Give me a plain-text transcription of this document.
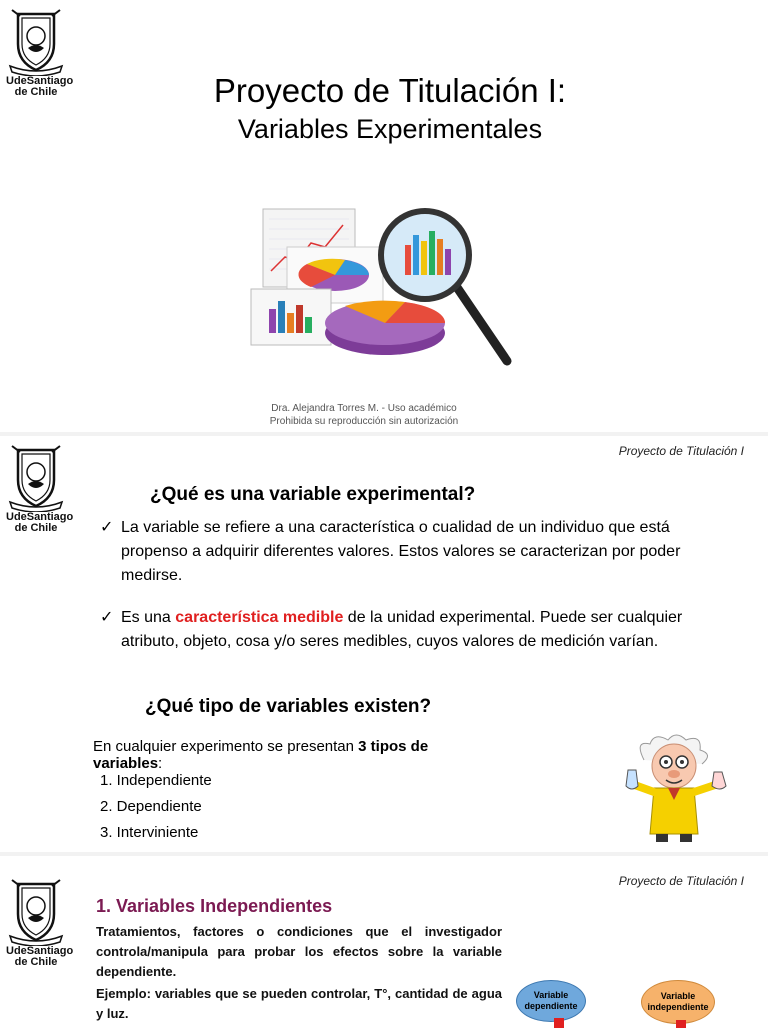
UdeSantiago
de Chile	Proyecto de Titulación I:
Variables Experimentales
Dra. Alejandra Torres M. - Uso académico
Prohibida su reproducción sin autorización
UdeSantiago
de Chile
Proyecto de Titulación I
¿Qué es una variable experimental?
✓ La variable se refiere a una característica o cualidad de un individuo que está propenso a adquirir diferentes valores. Estos valores se caracterizan por poder medirse.
✓ Es una característica medible de la unidad experimental. Puede ser cualquier atributo, objeto, cosa y/o seres medibles, cuyos valores de medición varían.
¿Qué tipo de variables existen?
En cualquier experimento se presentan 3 tipos de variables:
1. Independiente
2. Dependiente
3. Interviniente
UdeSantiago
de Chile
Proyecto de Titulación I
1. Variables Independientes
Tratamientos, factores o condiciones que el investigador controla/manipula para probar los efectos sobre la variable dependiente.
Ejemplo: variables que se pueden controlar, T°, cantidad de agua y luz.
Variable dependiente
Variable independiente
